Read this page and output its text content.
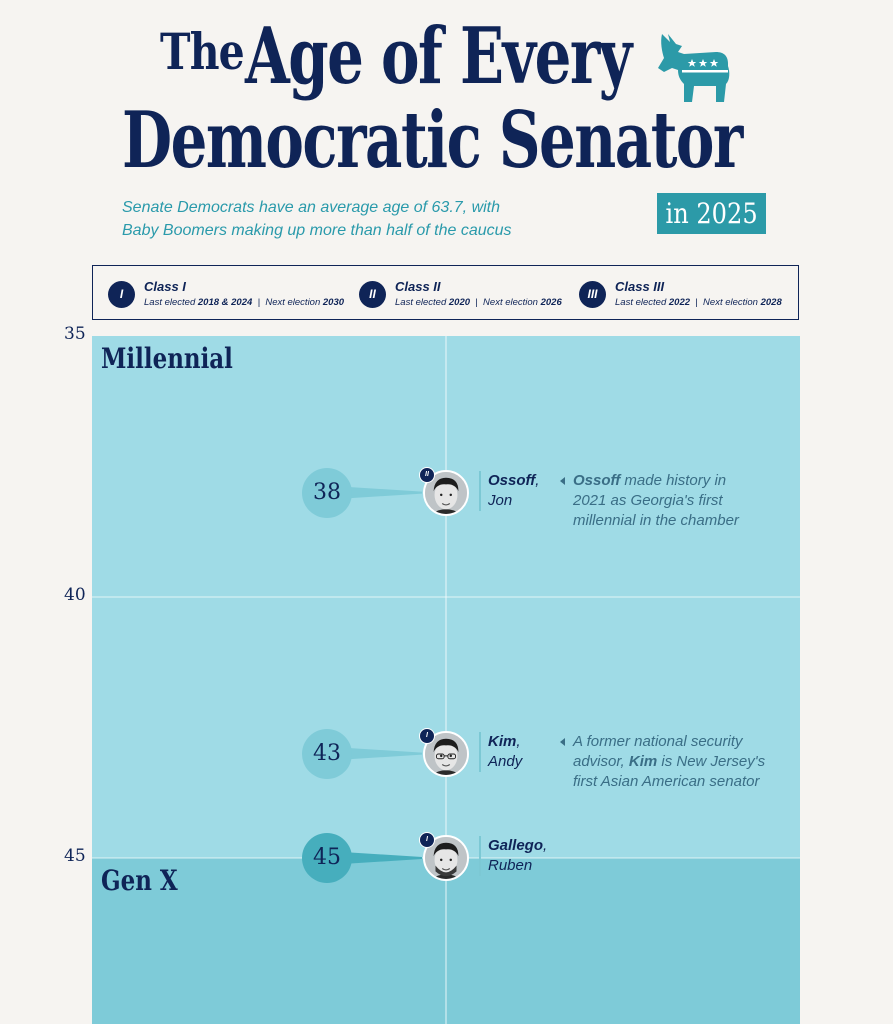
The Age of Every
Democratic Senator
Senate Democrats have an average age of 63.7, with
Baby Boomers making up more than half of the caucus
in 2025
I	Class I
Last elected 2018 & 2024 | Next election 2030
II	Class II
Last elected 2020 | Next election 2026
III	Class III
Last elected 2022 | Next election 2028
35
40
45
Millennial
Gen X
38
II	Ossoff,
Jon
Ossoff made history in
2021 as Georgia's first
millennial in the chamber
43
I	Kim,
Andy
A former national security
advisor, Kim is New Jersey's
first Asian American senator
45
I	Gallego,
Ruben
